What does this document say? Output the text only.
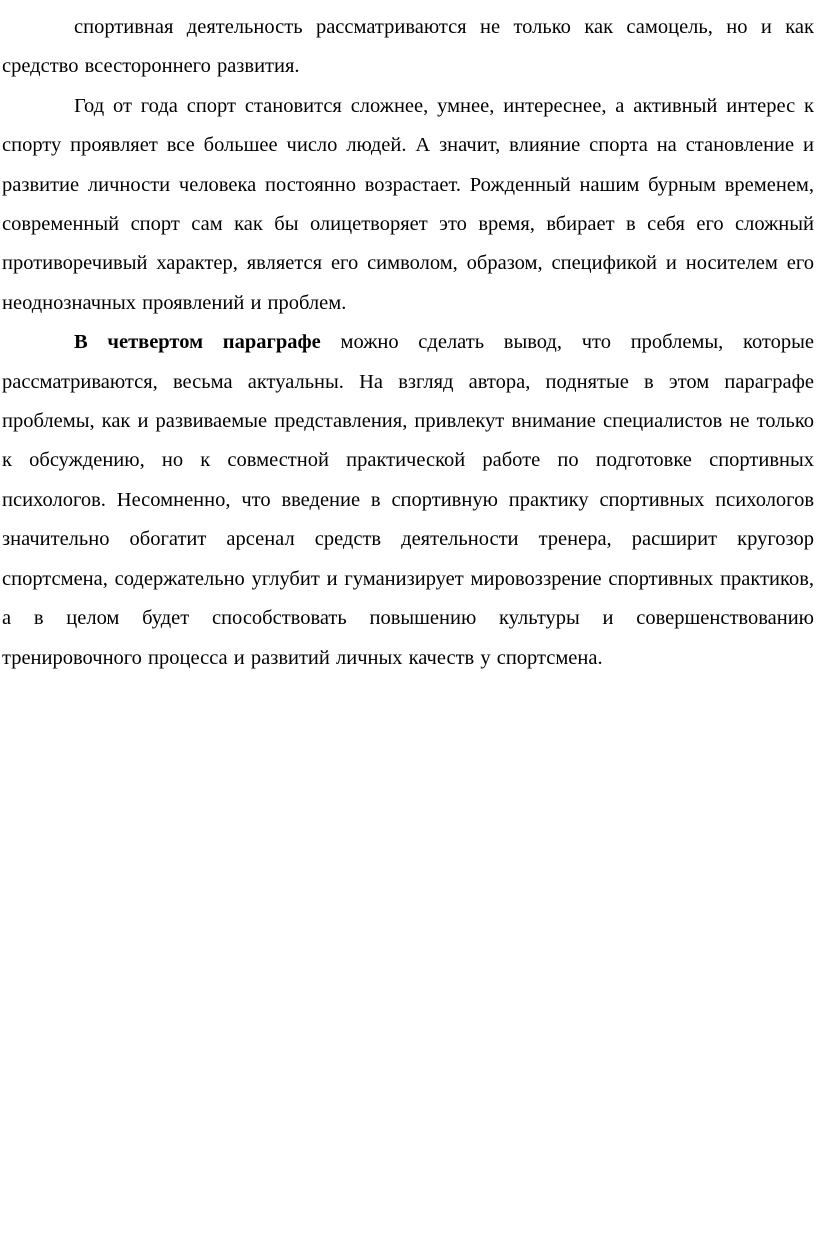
спортивная деятельность рассматриваются не только как самоцель, но и как средство всестороннего развития.

Год от года спорт становится сложнее, умнее, интереснее, а активный интерес к спорту проявляет все большее число людей. А значит, влияние спорта на становление и развитие личности человека постоянно возрастает. Рожденный нашим бурным временем, современный спорт сам как бы олицетворяет это время, вбирает в себя его сложный противоречивый характер, является его символом, образом, спецификой и носителем его неоднозначных проявлений и проблем.

В четвертом параграфе можно сделать вывод, что проблемы, которые рассматриваются, весьма актуальны. На взгляд автора, поднятые в этом параграфе проблемы, как и развиваемые представления, привлекут внимание специалистов не только к обсуждению, но к совместной практической работе по подготовке спортивных психологов. Несомненно, что введение в спортивную практику спортивных психологов значительно обогатит арсенал средств деятельности тренера, расширит кругозор спортсмена, содержательно углубит и гуманизирует мировоззрение спортивных практиков, а в целом будет способствовать повышению культуры и совершенствованию тренировочного процесса и развитий личных качеств у спортсмена.
